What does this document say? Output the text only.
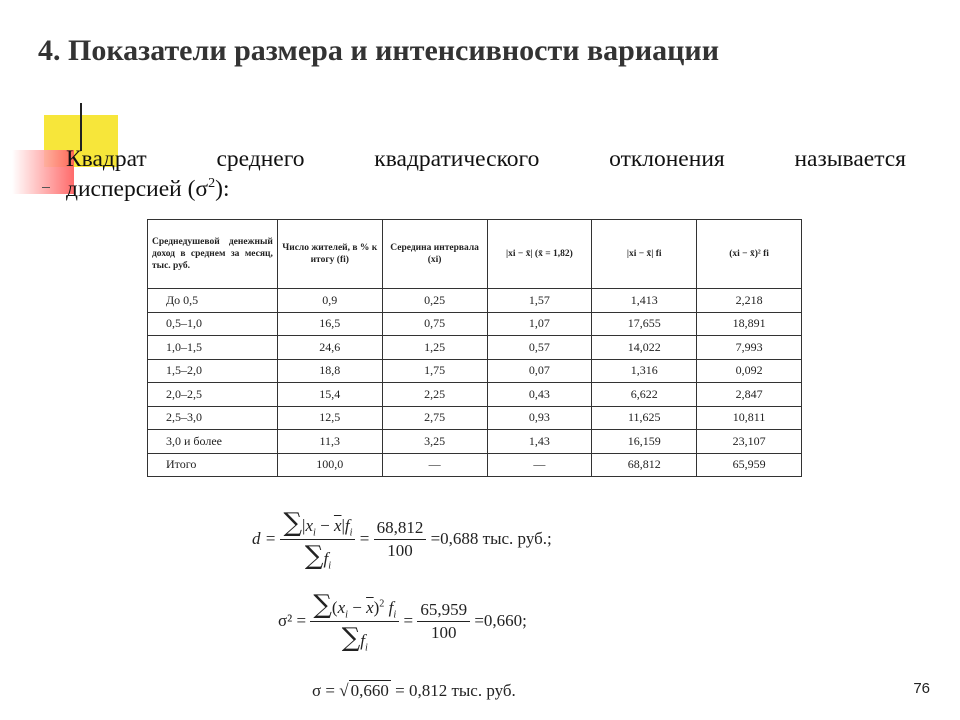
4. Показатели размера и интенсивности вариации
Квадрат среднего квадратического отклонения называется
дисперсией $(\sigma^2)$:
Среднедушевой денежный доход в среднем за месяц, тыс. руб.	Число жителей, в % к итогу (fi)	Середина интервала (xi)	|xi − x̄| (x̄ = 1,82)	|xi − x̄| fi	(xi − x̄)² fi
До 0,5	0,9	0,25	1,57	1,413	2,218
0,5–1,0	16,5	0,75	1,07	17,655	18,891
1,0–1,5	24,6	1,25	0,57	14,022	7,993
1,5–2,0	18,8	1,75	0,07	1,316	0,092
2,0–2,5	15,4	2,25	0,43	6,622	2,847
2,5–3,0	12,5	2,75	0,93	11,625	10,811
3,0 и более	11,3	3,25	1,43	16,159	23,107
Итого	100,0	—	—	68,812	65,959
$d = \frac{\sum|x_i - \overline{x}|f_i}{\sum f_i} = \frac{68,812}{100} =0,688$ тыс. руб.;
$\sigma^2 = \frac{\sum(x_i - \overline{x})^2 f_i}{\sum f_i} = \frac{65,959}{100} =0,660$;
σ = √ 0,660 = 0,812 тыс. руб.	76
